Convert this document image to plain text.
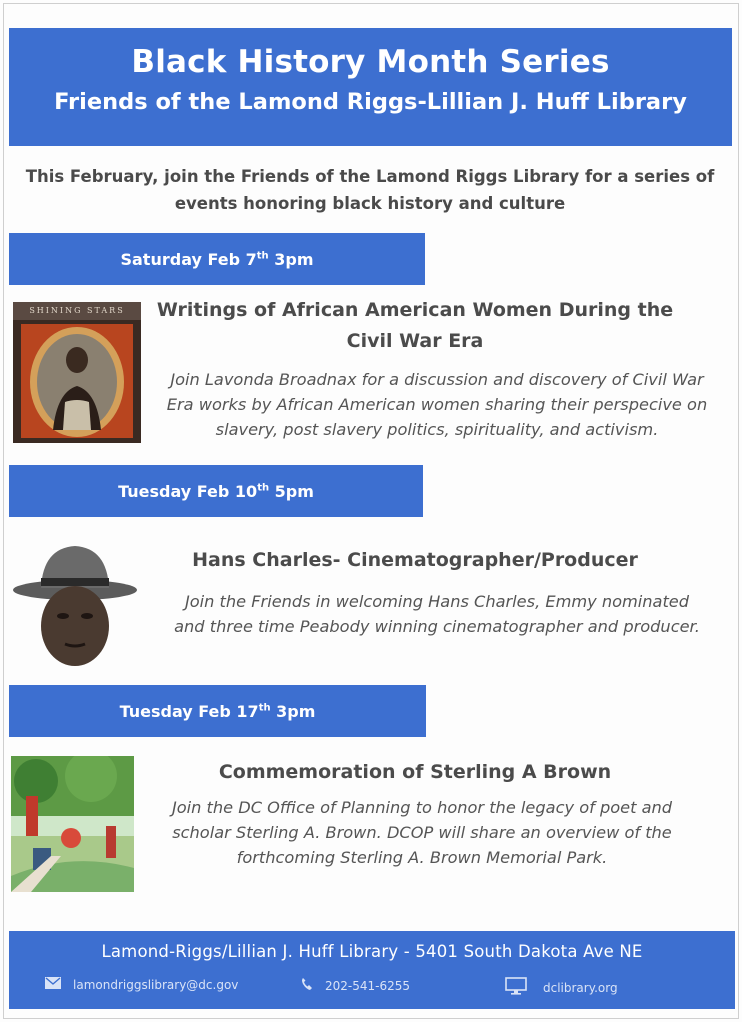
Black History Month Series
Friends of the Lamond Riggs-Lillian J. Huff Library
This February, join the Friends of the Lamond Riggs Library for a series of
events honoring black history and culture
Saturday Feb 7th 3pm
SHINING STARS	Writings of African American Women During the
Civil War Era
Join Lavonda Broadnax for a discussion and discovery of Civil War
Era works by African American women sharing their perspecive on
slavery, post slavery politics, spirituality, and activism.
Tuesday Feb 10th 5pm
Hans Charles- Cinematographer/Producer
Join the Friends in welcoming Hans Charles, Emmy nominated
and three time Peabody winning cinematographer and producer.
Tuesday Feb 17th 3pm
Commemoration of Sterling A Brown
Join the DC Office of Planning to honor the legacy of poet and
scholar Sterling A. Brown. DCOP will share an overview of the
forthcoming Sterling A. Brown Memorial Park.
Lamond-Riggs/Lillian J. Huff Library - 5401 South Dakota Ave NE
lamondriggslibrary@dc.gov	202-541-6255	dclibrary.org
